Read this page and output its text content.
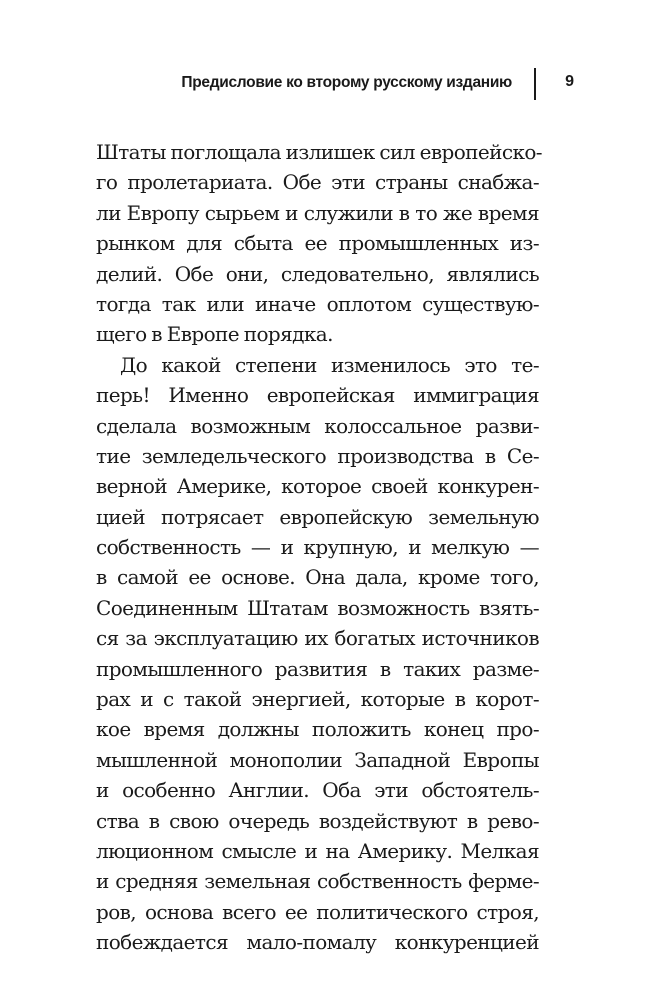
Предисловие ко второму русскому изданию	9
Штаты поглощала излишек сил европейско-
го пролетариата. Обе эти страны снабжа-
ли Европу сырьем и служили в то же время
рынком для сбыта ее промышленных из-
делий. Обе они, следовательно, являлись
тогда так или иначе оплотом существую-
щего в Европе порядка.
До какой степени изменилось это те-
перь! Именно европейская иммиграция
сделала возможным колоссальное разви-
тие земледельческого производства в Се-
верной Америке, которое своей конкурен-
цией потрясает европейскую земельную
собственность — и крупную, и мелкую —
в самой ее основе. Она дала, кроме того,
Соединенным Штатам возможность взять-
ся за эксплуатацию их богатых источников
промышленного развития в таких разме-
рах и с такой энергией, которые в корот-
кое время должны положить конец про-
мышленной монополии Западной Европы
и особенно Англии. Оба эти обстоятель-
ства в свою очередь воздействуют в рево-
люционном смысле и на Америку. Мелкая
и средняя земельная собственность ферме-
ров, основа всего ее политического строя,
побеждается мало-помалу конкуренцией
